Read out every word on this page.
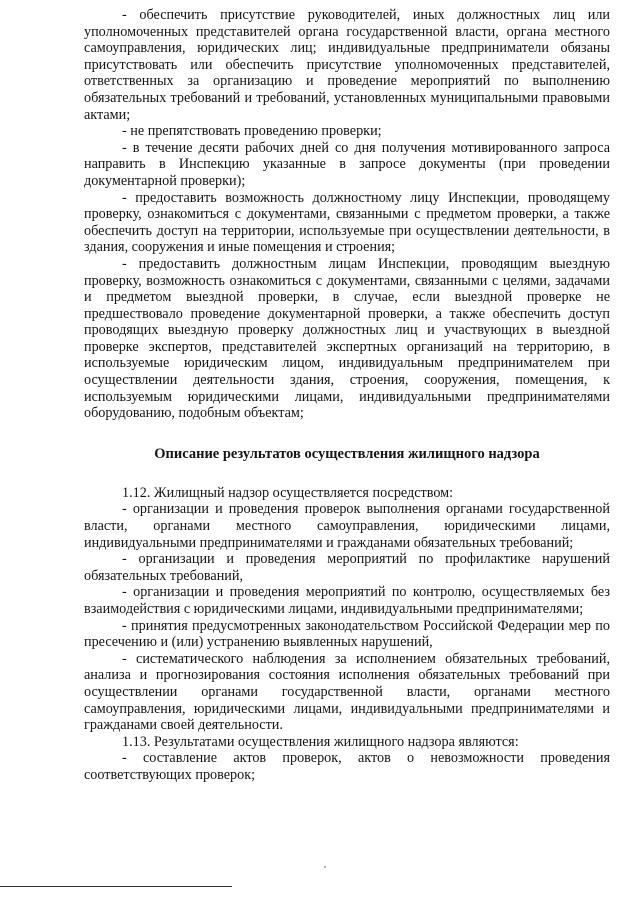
- обеспечить присутствие руководителей, иных должностных лиц или уполномоченных представителей органа государственной власти, органа местного самоуправления, юридических лиц; индивидуальные предприниматели обязаны присутствовать или обеспечить присутствие уполномоченных представителей, ответственных за организацию и проведение мероприятий по выполнению обязательных требований и требований, установленных муниципальными правовыми актами;

- не препятствовать проведению проверки;

- в течение десяти рабочих дней со дня получения мотивированного запроса направить в Инспекцию указанные в запросе документы (при проведении документарной проверки);

- предоставить возможность должностному лицу Инспекции, проводящему проверку, ознакомиться с документами, связанными с предметом проверки, а также обеспечить доступ на территории, используемые при осуществлении деятельности, в здания, сооружения и иные помещения и строения;

- предоставить должностным лицам Инспекции, проводящим выездную проверку, возможность ознакомиться с документами, связанными с целями, задачами и предметом выездной проверки, в случае, если выездной проверке не предшествовало проведение документарной проверки, а также обеспечить доступ проводящих выездную проверку должностных лиц и участвующих в выездной проверке экспертов, представителей экспертных организаций на территорию, в используемые юридическим лицом, индивидуальным предпринимателем при осуществлении деятельности здания, строения, сооружения, помещения, к используемым юридическими лицами, индивидуальными предпринимателями оборудованию, подобным объектам;

Описание результатов осуществления жилищного надзора

1.12. Жилищный надзор осуществляется посредством:

- организации и проведения проверок выполнения органами государственной власти, органами местного самоуправления, юридическими лицами, индивидуальными предпринимателями и гражданами обязательных требований;

- организации и проведения мероприятий по профилактике нарушений обязательных требований,

- организации и проведения мероприятий по контролю, осуществляемых без взаимодействия с юридическими лицами, индивидуальными предпринимателями;

- принятия предусмотренных законодательством Российской Федерации мер по пресечению и (или) устранению выявленных нарушений,

- систематического наблюдения за исполнением обязательных требований, анализа и прогнозирования состояния исполнения обязательных требований при осуществлении органами государственной власти, органами местного самоуправления, юридическими лицами, индивидуальными предпринимателями и гражданами своей деятельности.

1.13. Результатами осуществления жилищного надзора являются:

- составление актов проверок, актов о невозможности проведения соответствующих проверок;
